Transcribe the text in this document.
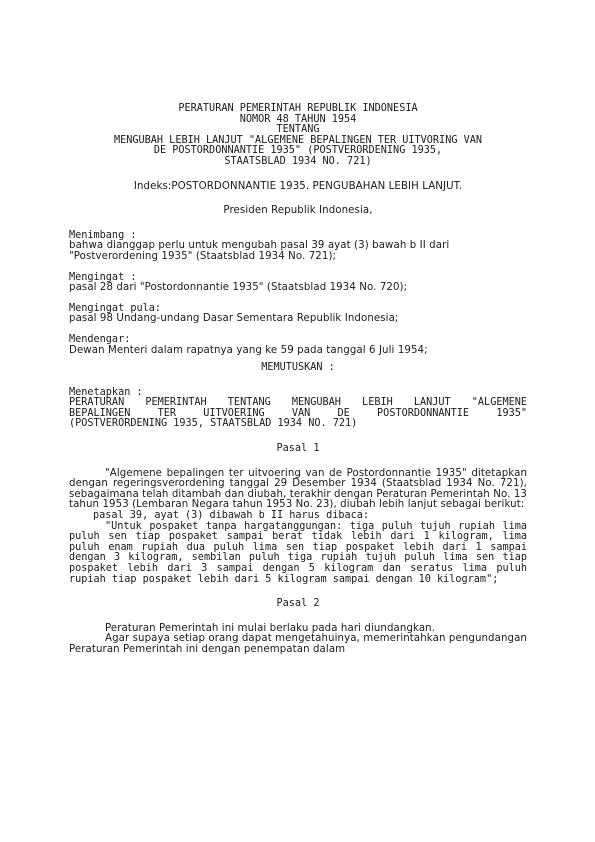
PERATURAN PEMERINTAH REPUBLIK INDONESIA
NOMOR 48 TAHUN 1954
TENTANG
MENGUBAH LEBIH LANJUT "ALGEMENE BEPALINGEN TER UITVORING VAN
DE POSTORDONNANTIE 1935" (POSTVERORDENING 1935,
STAATSBLAD 1934 NO. 721)
Indeks:POSTORDONNANTIE 1935. PENGUBAHAN LEBIH LANJUT.
Presiden Republik Indonesia,
Menimbang :
bahwa dianggap perlu untuk mengubah pasal 39 ayat (3) bawah b II dari "Postverordening 1935" (Staatsblad 1934 No. 721);
Mengingat :
pasal 28 dari "Postordonnantie 1935" (Staatsblad 1934 No. 720);
Mengingat pula:
pasal 98 Undang-undang Dasar Sementara Republik Indonesia;
Mendengar:
Dewan Menteri dalam rapatnya yang ke 59 pada tanggal 6 Juli 1954;
MEMUTUSKAN :
Menetapkan :
PERATURAN PEMERINTAH TENTANG MENGUBAH LEBIH LANJUT "ALGEMENE
BEPALINGEN TER UITVOERING VAN DE POSTORDONNANTIE 1935"
(POSTVERORDENING 1935, STAATSBLAD 1934 NO. 721)
Pasal 1
"Algemene bepalingen ter uitvoering van de Postordonnantie 1935" ditetapkan dengan regeringsverordening tanggal 29 Desember 1934 (Staatsblad 1934 No. 721), sebagaimana telah ditambah dan diubah, terakhir dengan Peraturan Pemerintah No. 13 tahun 1953 (Lembaran Negara tahun 1953 No. 23), diubah lebih lanjut sebagai berikut:
pasal 39, ayat (3) dibawah b II harus dibaca:
"Untuk pospaket tanpa hargatanggungan: tiga puluh tujuh rupiah lima puluh sen tiap pospaket sampai berat tidak lebih dari 1 kilogram, lima puluh enam rupiah dua puluh lima sen tiap pospaket lebih dari 1 sampai dengan 3 kilogram, sembilan puluh tiga rupiah tujuh puluh lima sen tiap pospaket lebih dari 3 sampai dengan 5 kilogram dan seratus lima puluh rupiah tiap pospaket lebih dari 5 kilogram sampai dengan 10 kilogram";
Pasal 2
Peraturan Pemerintah ini mulai berlaku pada hari diundangkan.
Agar supaya setiap orang dapat mengetahuinya, memerintahkan pengundangan Peraturan Pemerintah ini dengan penempatan dalam
